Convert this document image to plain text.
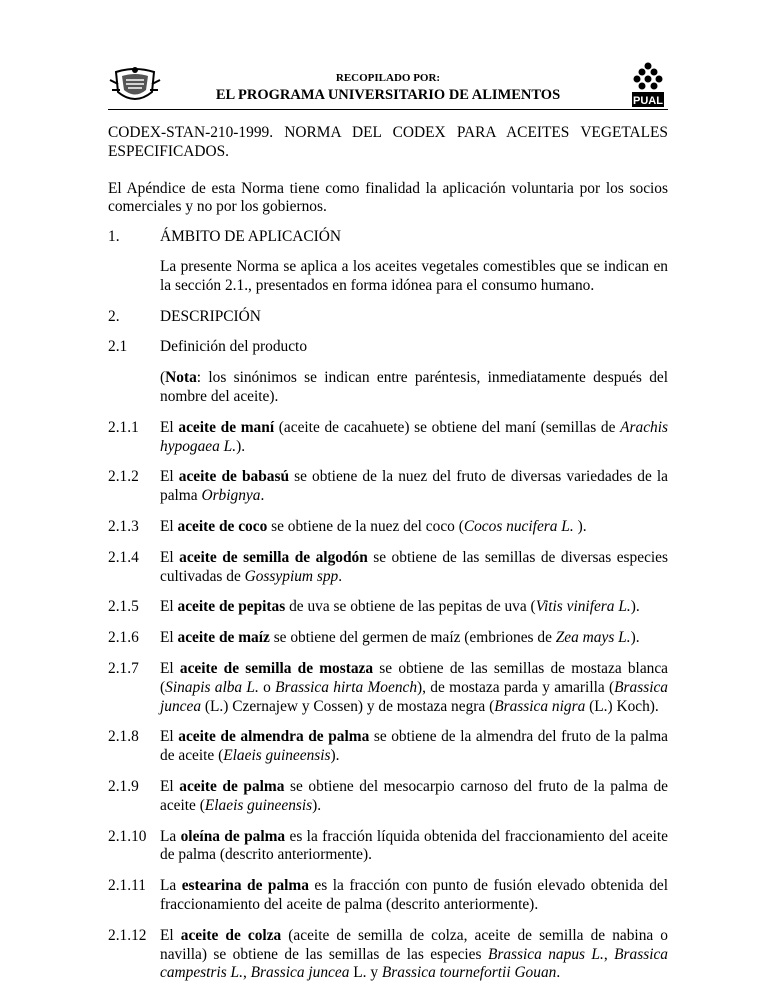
RECOPILADO POR:
EL PROGRAMA UNIVERSITARIO DE ALIMENTOS	PUAL

CODEX-STAN-210-1999. NORMA DEL CODEX PARA ACEITES VEGETALES ESPECIFICADOS.

El Apéndice de esta Norma tiene como finalidad la aplicación voluntaria por los socios comerciales y no por los gobiernos.

1.	ÁMBITO DE APLICACIÓN
La presente Norma se aplica a los aceites vegetales comestibles que se indican en la sección 2.1., presentados en forma idónea para el consumo humano.
2.	DESCRIPCIÓN
2.1	Definición del producto
(Nota: los sinónimos se indican entre paréntesis, inmediatamente después del nombre del aceite).
2.1.1	El aceite de maní (aceite de cacahuete) se obtiene del maní (semillas de Arachis hypogaea L.).
2.1.2	El aceite de babasú se obtiene de la nuez del fruto de diversas variedades de la palma Orbignya.
2.1.3	El aceite de coco se obtiene de la nuez del coco (Cocos nucifera L. ).
2.1.4	El aceite de semilla de algodón se obtiene de las semillas de diversas especies cultivadas de Gossypium spp.
2.1.5	El aceite de pepitas de uva se obtiene de las pepitas de uva (Vitis vinifera L.).
2.1.6	El aceite de maíz se obtiene del germen de maíz (embriones de Zea mays L.).
2.1.7	El aceite de semilla de mostaza se obtiene de las semillas de mostaza blanca (Sinapis alba L. o Brassica hirta Moench), de mostaza parda y amarilla (Brassica juncea (L.) Czernajew y Cossen) y de mostaza negra (Brassica nigra (L.) Koch).
2.1.8	El aceite de almendra de palma se obtiene de la almendra del fruto de la palma de aceite (Elaeis guineensis).
2.1.9	El aceite de palma se obtiene del mesocarpio carnoso del fruto de la palma de aceite (Elaeis guineensis).
2.1.10 La oleína de palma es la fracción líquida obtenida del fraccionamiento del aceite de palma (descrito anteriormente).
2.1.11 La estearina de palma es la fracción con punto de fusión elevado obtenida del fraccionamiento del aceite de palma (descrito anteriormente).
2.1.12 El aceite de colza (aceite de semilla de colza, aceite de semilla de nabina o navilla) se obtiene de las semillas de las especies Brassica napus L., Brassica campestris L., Brassica juncea L. y Brassica tournefortii Gouan.
